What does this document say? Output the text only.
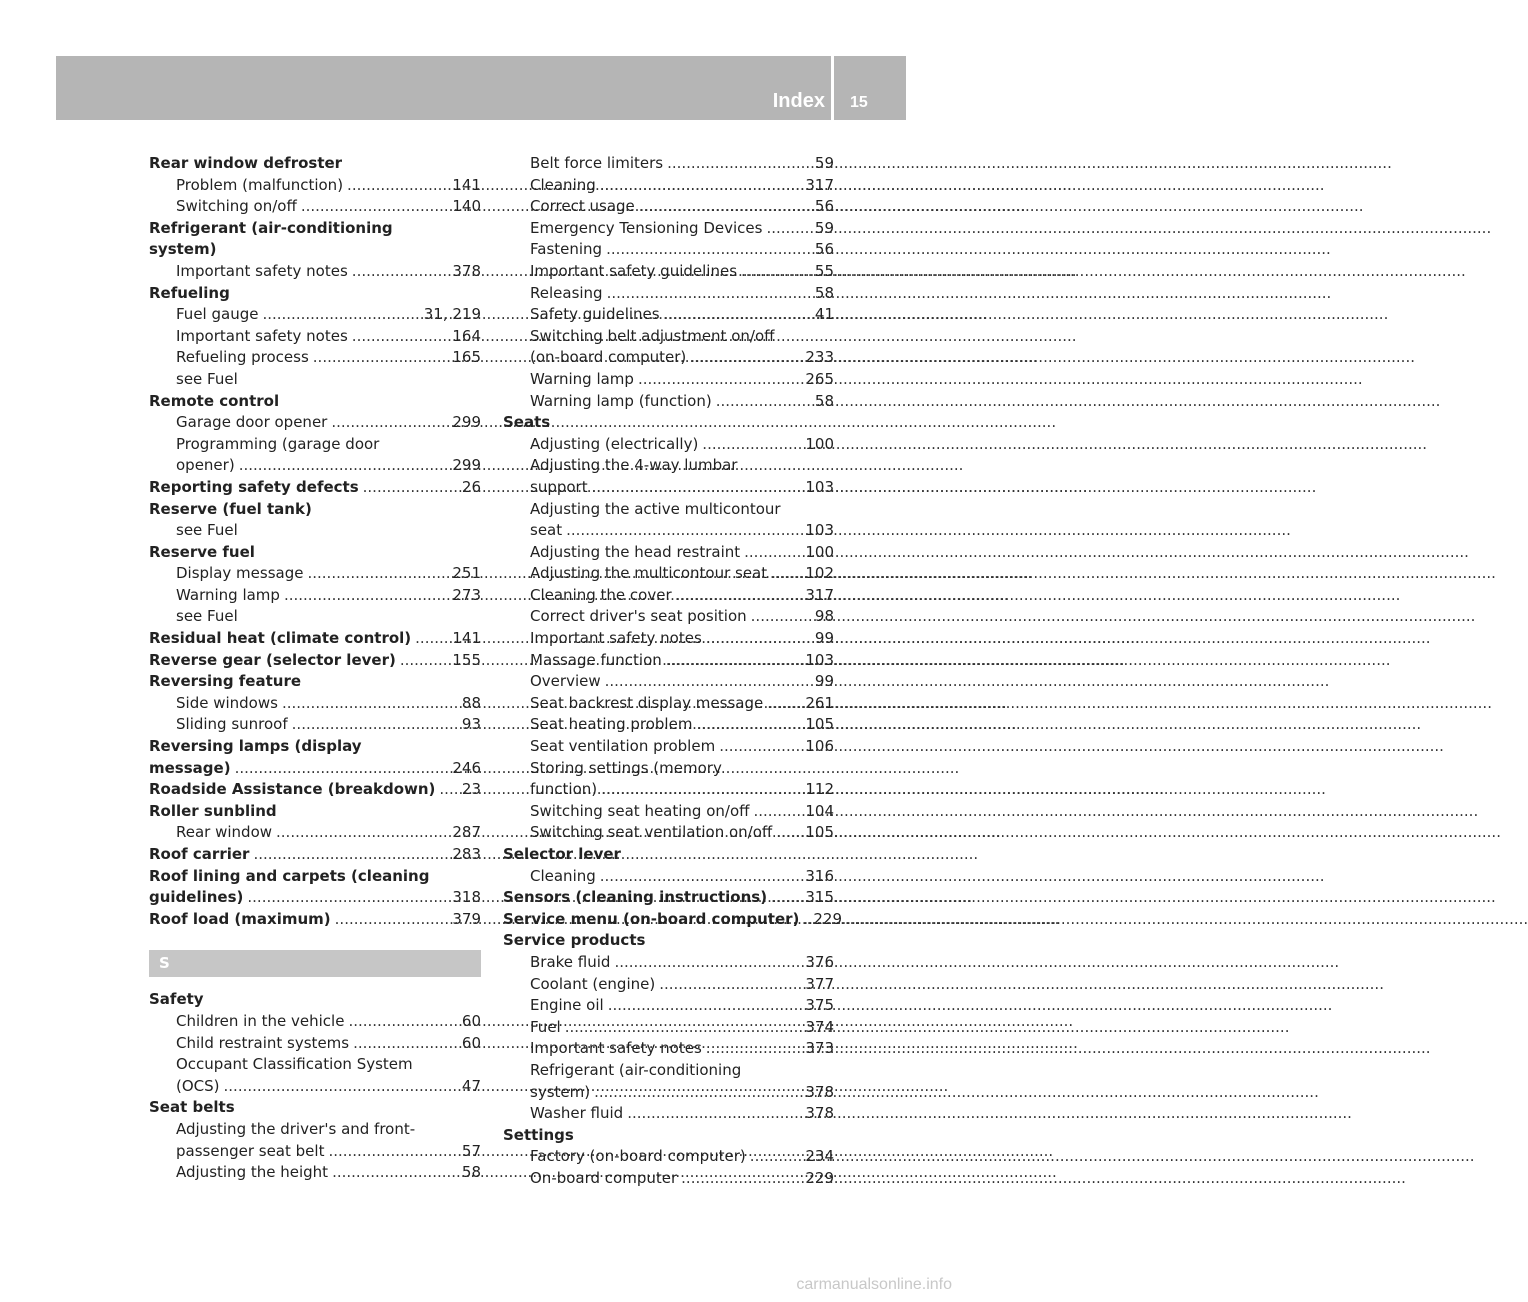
Index 15
Rear window defroster
Problem (malfunction) .....	141
Switching on/off .....	140
Refrigerant (air-conditioning
system)
Important safety notes .....	378
Refueling
Fuel gauge .....	31, 219
Important safety notes .....	164
Refueling process .....	165
see Fuel
Remote control
Garage door opener .....	299
Programming (garage door
opener) .....	299
Reporting safety defects .....	26
Reserve (fuel tank)
see Fuel
Reserve fuel
Display message .....	251
Warning lamp .....	273
see Fuel
Residual heat (climate control) .....	141
Reverse gear (selector lever) .....	155
Reversing feature
Side windows .....	88
Sliding sunroof .....	93
Reversing lamps (display
message) .....	246
Roadside Assistance (breakdown) ..... 23
Roller sunblind
Rear window .....	287
Roof carrier .....	283
Roof lining and carpets (cleaning
guidelines) .....	318
Roof load (maximum) .....	379
S
Safety
Children in the vehicle .....	60
Child restraint systems .....	60
Occupant Classification System
(OCS) .....	47
Seat belts
Adjusting the driver's and front-
passenger seat belt .....	57
Adjusting the height .....	58
Belt force limiters .....	59
Cleaning .....	317
Correct usage .....	56
Emergency Tensioning Devices .....	59
Fastening .....	56
Important safety guidelines .....	55
Releasing .....	58
Safety guidelines .....	41
Switching belt adjustment on/off
(on-board computer) .....	233
Warning lamp .....	265
Warning lamp (function) .....	58
Seats
Adjusting (electrically) .....	100
Adjusting the 4-way lumbar
support .....	103
Adjusting the active multicontour
seat .....	103
Adjusting the head restraint .....	100
Adjusting the multicontour seat .....	102
Cleaning the cover .....	317
Correct driver's seat position .....	98
Important safety notes .....	99
Massage function .....	103
Overview .....	99
Seat backrest display message .....	261
Seat heating problem .....	105
Seat ventilation problem .....	106
Storing settings (memory
function) .....	112
Switching seat heating on/off .....	104
Switching seat ventilation on/off ..... 105
Selector lever
Cleaning .....	316
Sensors (cleaning instructions) .....	315
Service menu (on-board computer) ..... 229
Service products
Brake fluid .....	376
Coolant (engine) .....	377
Engine oil .....	375
Fuel .....	374
Important safety notes .....	373
Refrigerant (air-conditioning
system) .....	378
Washer fluid .....	378
Settings
Factory (on-board computer) .....	234
On-board computer .....	229
carmanualsonline.info
